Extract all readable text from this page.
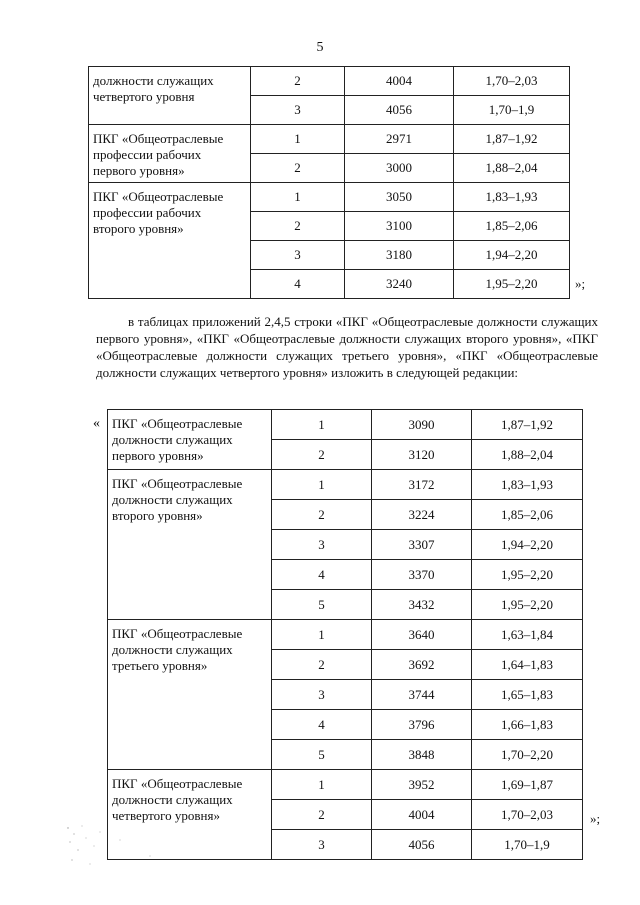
5
должности служащих четвертого уровня	2	4004	1,70–2,03
	3	4056	1,70–1,9
ПКГ «Общеотраслевые профессии рабочих первого уровня»	1	2971	1,87–1,92
	2	3000	1,88–2,04
ПКГ «Общеотраслевые профессии рабочих второго уровня»	1	3050	1,83–1,93
	2	3100	1,85–2,06
	3	3180	1,94–2,20
	4	3240	1,95–2,20	»;
в таблицах приложений 2,4,5 строки «ПКГ «Общеотраслевые должности служащих первого уровня», «ПКГ «Общеотраслевые должности служащих второго уровня», «ПКГ «Общеотраслевые должности служащих третьего уровня», «ПКГ «Общеотраслевые должности служащих четвертого уровня» изложить в следующей редакции:
« ПКГ «Общеотраслевые должности служащих первого уровня»	1	3090	1,87–1,92
	2	3120	1,88–2,04
ПКГ «Общеотраслевые должности служащих второго уровня»	1	3172	1,83–1,93
	2	3224	1,85–2,06
	3	3307	1,94–2,20
	4	3370	1,95–2,20
	5	3432	1,95–2,20
ПКГ «Общеотраслевые должности служащих третьего уровня»	1	3640	1,63–1,84
	2	3692	1,64–1,83
	3	3744	1,65–1,83
	4	3796	1,66–1,83
	5	3848	1,70–2,20
ПКГ «Общеотраслевые должности служащих четвертого уровня»	1	3952	1,69–1,87
	2	4004	1,70–2,03
	3	4056	1,70–1,9
»;
